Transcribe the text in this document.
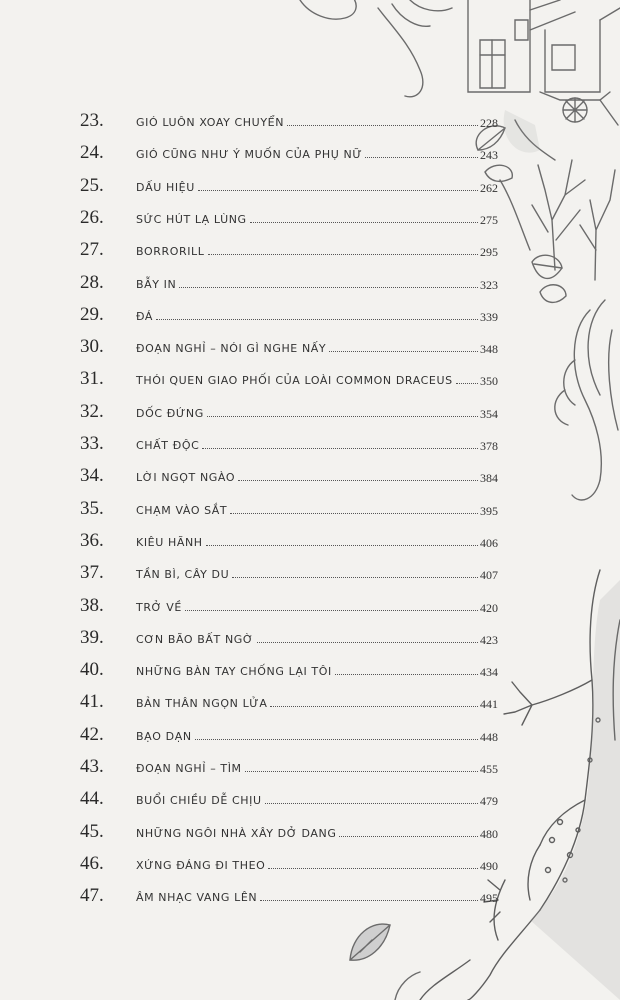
23.	GIÓ LUÔN XOAY CHUYỂN	228
24.	GIÓ CŨNG NHƯ Ý MUỐN CỦA PHỤ NỮ	243
25.	DẤU HIỆU	262
26.	SỨC HÚT LẠ LÙNG	275
27.	BORRORILL	295
28.	BẪY IN	323
29.	ĐÁ	339
30.	ĐOẠN NGHỈ – NÓI GÌ NGHE NẤY	348
31.	THÓI QUEN GIAO PHỐI CỦA LOÀI COMMON DRACEUS 350
32.	DỐC ĐỨNG	354
33.	CHẤT ĐỘC	378
34.	LỜI NGỌT NGÀO	384
35.	CHẠM VÀO SẮT	395
36.	KIÊU HÃNH	406
37.	TẦN BÌ, CÂY DU	407
38.	TRỞ VỀ	420
39.	CƠN BÃO BẤT NGỜ	423
40.	NHỮNG BÀN TAY CHỐNG LẠI TÔI	434
41.	BẢN THÂN NGỌN LỬA	441
42.	BẠO DẠN	448
43.	ĐOẠN NGHỈ – TÌM	455
44.	BUỔI CHIỀU DỄ CHỊU	479
45.	NHỮNG NGÔI NHÀ XÂY DỞ DANG	480
46.	XỨNG ĐÁNG ĐI THEO	490
47.	ÂM NHẠC VANG LÊN	495
